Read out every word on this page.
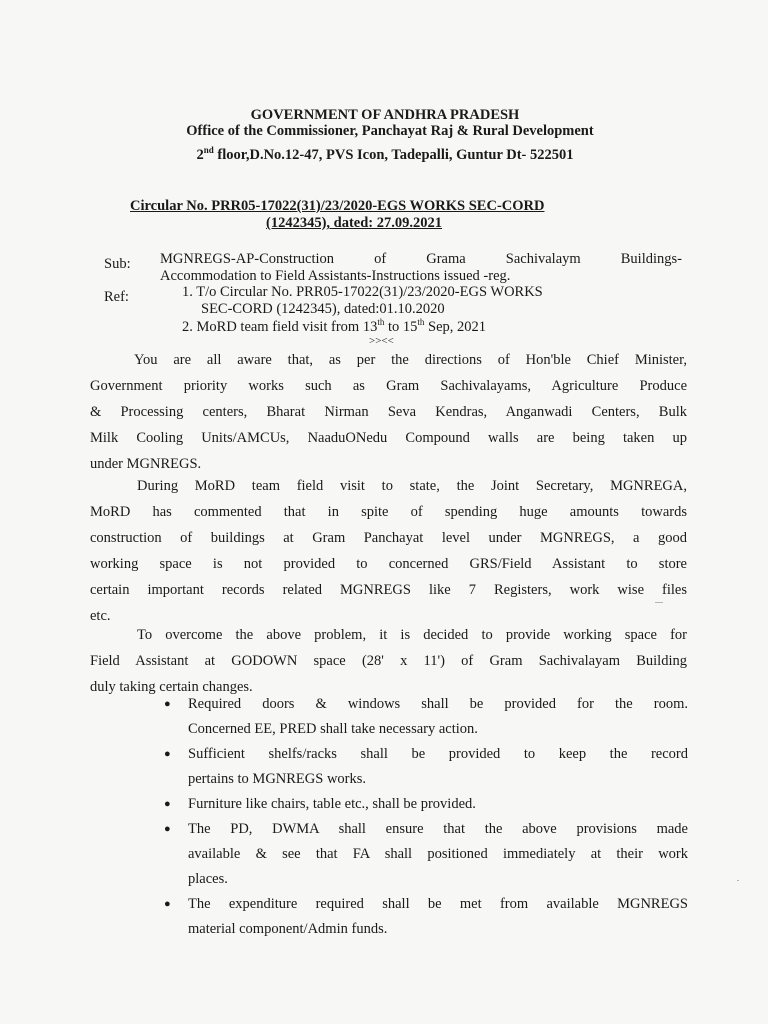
GOVERNMENT OF ANDHRA PRADESH
Office of the Commissioner, Panchayat Raj & Rural Development
2nd floor,D.No.12-47, PVS Icon, Tadepalli, Guntur Dt- 522501
Circular No. PRR05-17022(31)/23/2020-EGS WORKS SEC-CORD
(1242345), dated: 27.09.2021
Sub: MGNREGS-AP-Construction of Grama Sachivalaym Buildings-
Accommodation to Field Assistants-Instructions issued -reg.
Ref:	1. T/o Circular No. PRR05-17022(31)/23/2020-EGS WORKS
SEC-CORD (1242345), dated:01.10.2020
2. MoRD team field visit from 13th to 15th Sep, 2021
>><<
You are all aware that, as per the directions of Hon'ble Chief Minister,
Government priority works such as Gram Sachivalayams, Agriculture Produce
& Processing centers, Bharat Nirman Seva Kendras, Anganwadi Centers, Bulk
Milk Cooling Units/AMCUs, NaaduONedu Compound walls are being taken up
under MGNREGS.
During MoRD team field visit to state, the Joint Secretary, MGNREGA,
MoRD has commented that in spite of spending huge amounts towards
construction of buildings at Gram Panchayat level under MGNREGS, a good
working space is not provided to concerned GRS/Field Assistant to store
certain important records related MGNREGS like 7 Registers, work wise files
etc.
To overcome the above problem, it is decided to provide working space for
Field Assistant at GODOWN space (28' x 11') of Gram Sachivalayam Building
duly taking certain changes.
● Required doors & windows shall be provided for the room.
Concerned EE, PRED shall take necessary action.
● Sufficient shelfs/racks shall be provided to keep the record
pertains to MGNREGS works.
● Furniture like chairs, table etc., shall be provided.
● The PD, DWMA shall ensure that the above provisions made
available & see that FA shall positioned immediately at their work
places.
● The expenditure required shall be met from available MGNREGS
material component/Admin funds.
